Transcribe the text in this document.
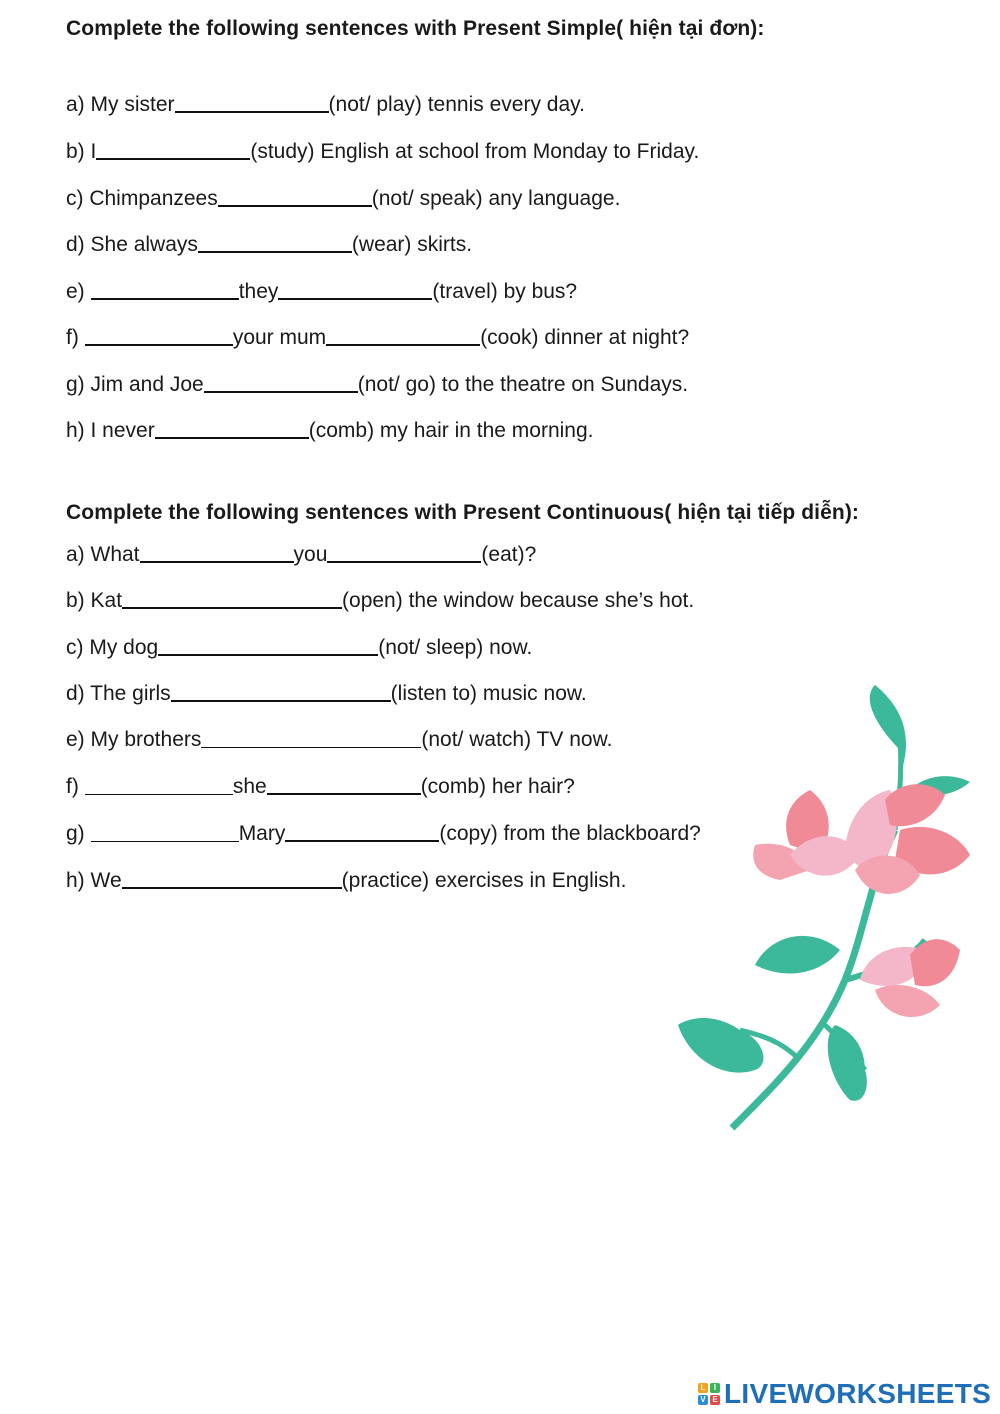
Complete the following sentences with Present Simple( hiện tại đơn):
a) My sister	(not/ play) tennis every day.
b) I	(study) English at school from Monday to Friday.
c) Chimpanzees	(not/ speak) any language.
d) She always	(wear) skirts.
e)	they	(travel) by bus?
f)	your mum	(cook) dinner at night?
g) Jim and Joe	(not/ go) to the theatre on Sundays.
h) I never	(comb) my hair in the morning.
Complete the following sentences with Present Continuous( hiện tại tiếp diễn):
a) What	you	(eat)?
b) Kat	(open) the window because she’s hot.
c) My dog	(not/ sleep) now.
d) The girls	(listen to) music now.
e) My brothers	(not/ watch) TV now.
f)	she	(comb) her hair?
g)	Mary	(copy) from the blackboard?
h) We	(practice) exercises in English.
L	I
V E LIVEWORKSHEETS
